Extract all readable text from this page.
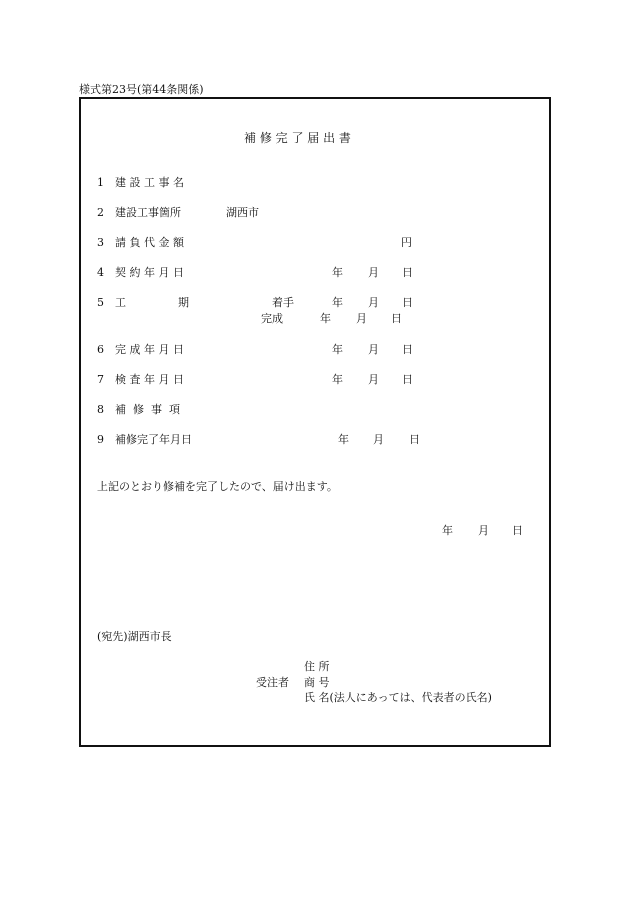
様式第23号(第44条関係)
補 修 完 了 届 出 書
1 建 設 工 事 名
2 建設工事箇所	湖西市
3 請 負 代 金 額	円
4 契 約 年 月 日	年 月 日
5 工	期	着手	年 月 日
完成	年 月 日
6 完 成 年 月 日	年 月 日
7 検 査 年 月 日	年 月 日
8 補  修  事  項
9 補修完了年月日	年 月 日
上記のとおり修補を完了したので、届け出ます。
年 月 日
(宛先)湖西市長
住 所
受注者 商 号
氏 名(法人にあっては、代表者の氏名)
